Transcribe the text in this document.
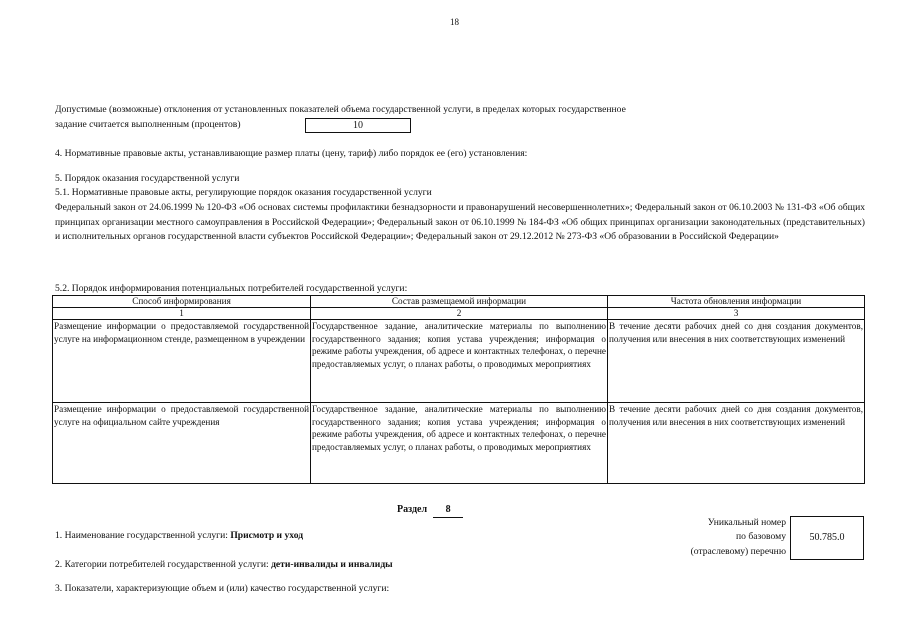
18
Допустимые (возможные) отклонения от установленных показателей объема государственной услуги, в пределах которых государственное
задание считается выполненным (процентов)	10
4. Нормативные правовые акты, устанавливающие размер платы (цену, тариф) либо порядок ее (его) установления:
5. Порядок оказания государственной услуги
5.1. Нормативные правовые акты, регулирующие порядок оказания государственной услуги
Федеральный закон от 24.06.1999 № 120-ФЗ «Об основах системы профилактики безнадзорности и правонарушений несовершеннолетних»; Федеральный закон от 06.10.2003 № 131-ФЗ «Об общих принципах организации местного самоуправления в Российской Федерации»; Федеральный закон от 06.10.1999 № 184-ФЗ «Об общих принципах организации законодательных (представительных) и исполнительных органов государственной власти субъектов Российской Федерации»; Федеральный закон от 29.12.2012 № 273-ФЗ «Об образовании в Российской Федерации»
5.2. Порядок информирования потенциальных потребителей государственной услуги:
Способ информирования	Состав размещаемой информации	Частота обновления информации
1	2	3
Размещение информации о предоставляемой государственной услуге на информационном стенде, размещенном в учреждении	Государственное задание, аналитические материалы по выполнению государственного задания; копия устава учреждения; информация о режиме работы учреждения, об адресе и контактных телефонах, о перечне предоставляемых услуг, о планах работы, о проводимых мероприятиях	В течение десяти рабочих дней со дня создания документов, получения или внесения в них соответствующих изменений
Размещение информации о предоставляемой государственной услуге на официальном сайте учреждения	Государственное задание, аналитические материалы по выполнению государственного задания; копия устава учреждения; информация о режиме работы учреждения, об адресе и контактных телефонах, о перечне предоставляемых услуг, о планах работы, о проводимых мероприятиях	В течение десяти рабочих дней со дня создания документов, получения или внесения в них соответствующих изменений
Раздел 8
1. Наименование государственной услуги: Присмотр и уход
Уникальный номер
по базовому
(отраслевому) перечню
50.785.0
2. Категории потребителей государственной услуги: дети-инвалиды и инвалиды
3. Показатели, характеризующие объем и (или) качество государственной услуги:
